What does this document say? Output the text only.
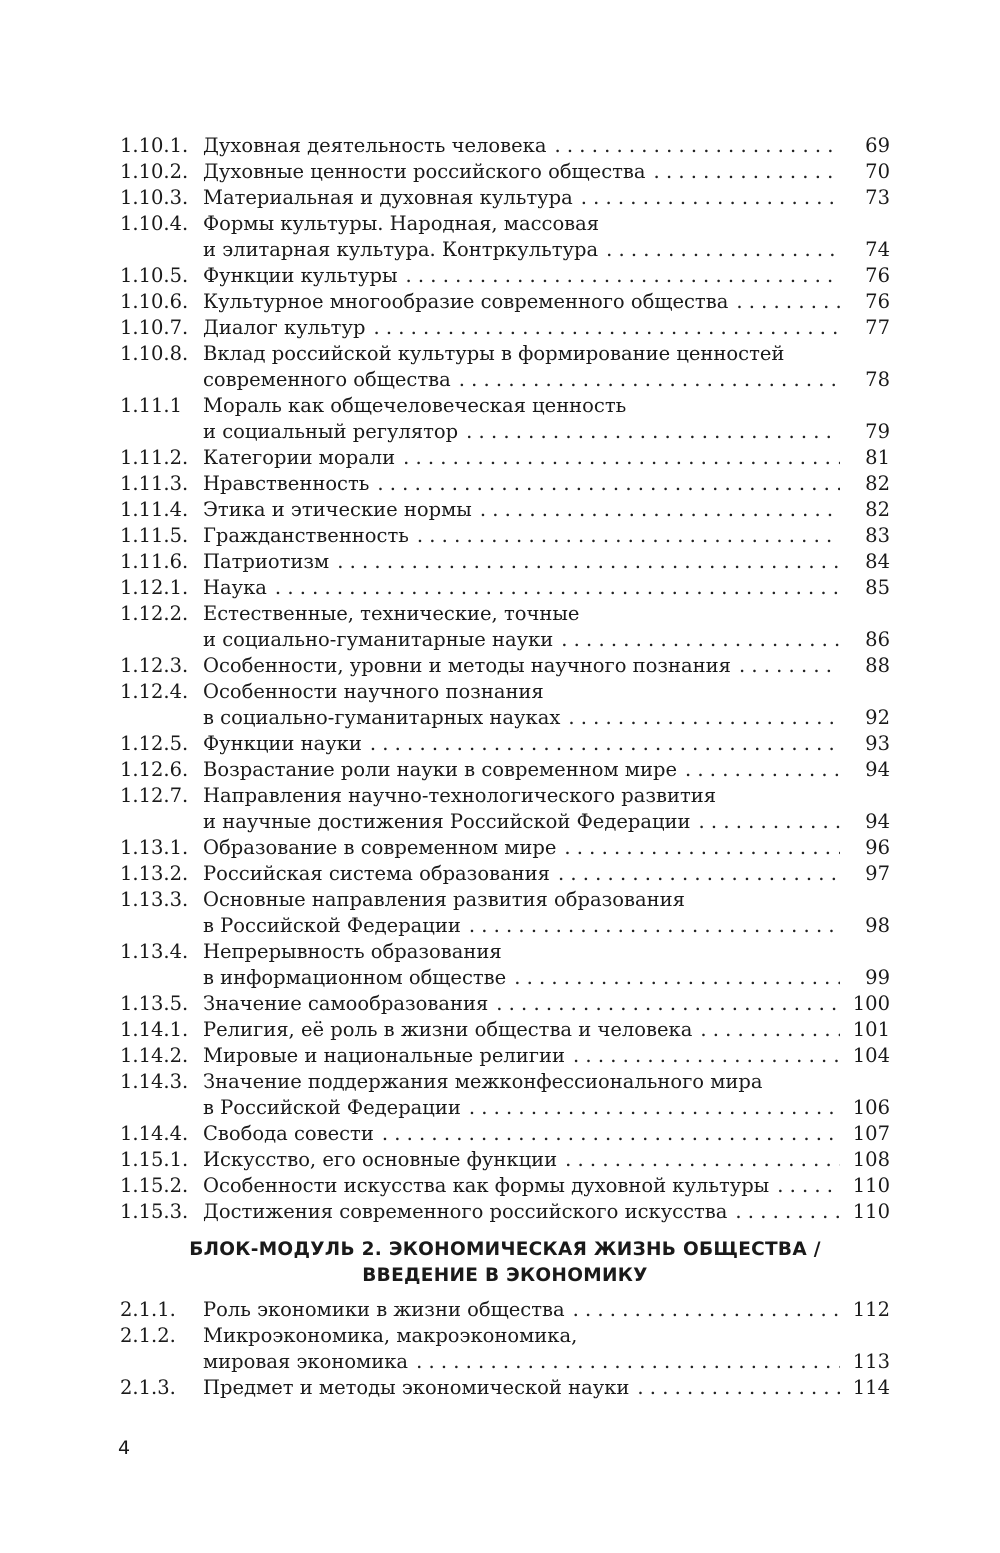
1.10.1. Духовная деятельность человека . . .	69
1.10.2. Духовные ценности российского общества . . .	70
1.10.3. Материальная и духовная культура . . .	73
1.10.4. Формы культуры. Народная, массовая
и элитарная культура. Контркультура . . .	74
1.10.5. Функции культуры . . .	76
1.10.6. Культурное многообразие современного общества . . .	76
1.10.7. Диалог культур . . .	77
1.10.8. Вклад российской культуры в формирование ценностей
современного общества . . .	78
1.11.1	Мораль как общечеловеческая ценность
и социальный регулятор . . .	79
1.11.2. Категории морали . . .	81
1.11.3. Нравственность . . .	82
1.11.4. Этика и этические нормы . . .	82
1.11.5. Гражданственность . . .	83
1.11.6. Патриотизм . . .	84
1.12.1. Наука . . .	85
1.12.2. Естественные, технические, точные
и социально-гуманитарные науки . . .	86
1.12.3. Особенности, уровни и методы научного познания . . .	88
1.12.4. Особенности научного познания
в социально-гуманитарных науках . . .	92
1.12.5. Функции науки . . .	93
1.12.6. Возрастание роли науки в современном мире . . .	94
1.12.7. Направления научно-технологического развития
и научные достижения Российской Федерации . . .	94
1.13.1. Образование в современном мире . . .	96
1.13.2. Российская система образования . . .	97
1.13.3. Основные направления развития образования
в Российской Федерации . . .	98
1.13.4. Непрерывность образования
в информационном обществе . . .	99
1.13.5. Значение самообразования . . .	100
1.14.1. Религия, её роль в жизни общества и человека . . .	101
1.14.2. Мировые и национальные религии . . .	104
1.14.3. Значение поддержания межконфессионального мира
в Российской Федерации . . .	106
1.14.4. Свобода совести . . .	107
1.15.1. Искусство, его основные функции . . .	108
1.15.2. Особенности искусства как формы духовной культуры . . .	110
1.15.3. Достижения современного российского искусства . . .	110
БЛОК-МОДУЛЬ 2. ЭКОНОМИЧЕСКАЯ ЖИЗНЬ ОБЩЕСТВА /
ВВЕДЕНИЕ В ЭКОНОМИКУ
2.1.1.	Роль экономики в жизни общества . . .	112
2.1.2.	Микроэкономика, макроэкономика,
мировая экономика . . .	113
2.1.3.	Предмет и методы экономической науки . . .	114
4
